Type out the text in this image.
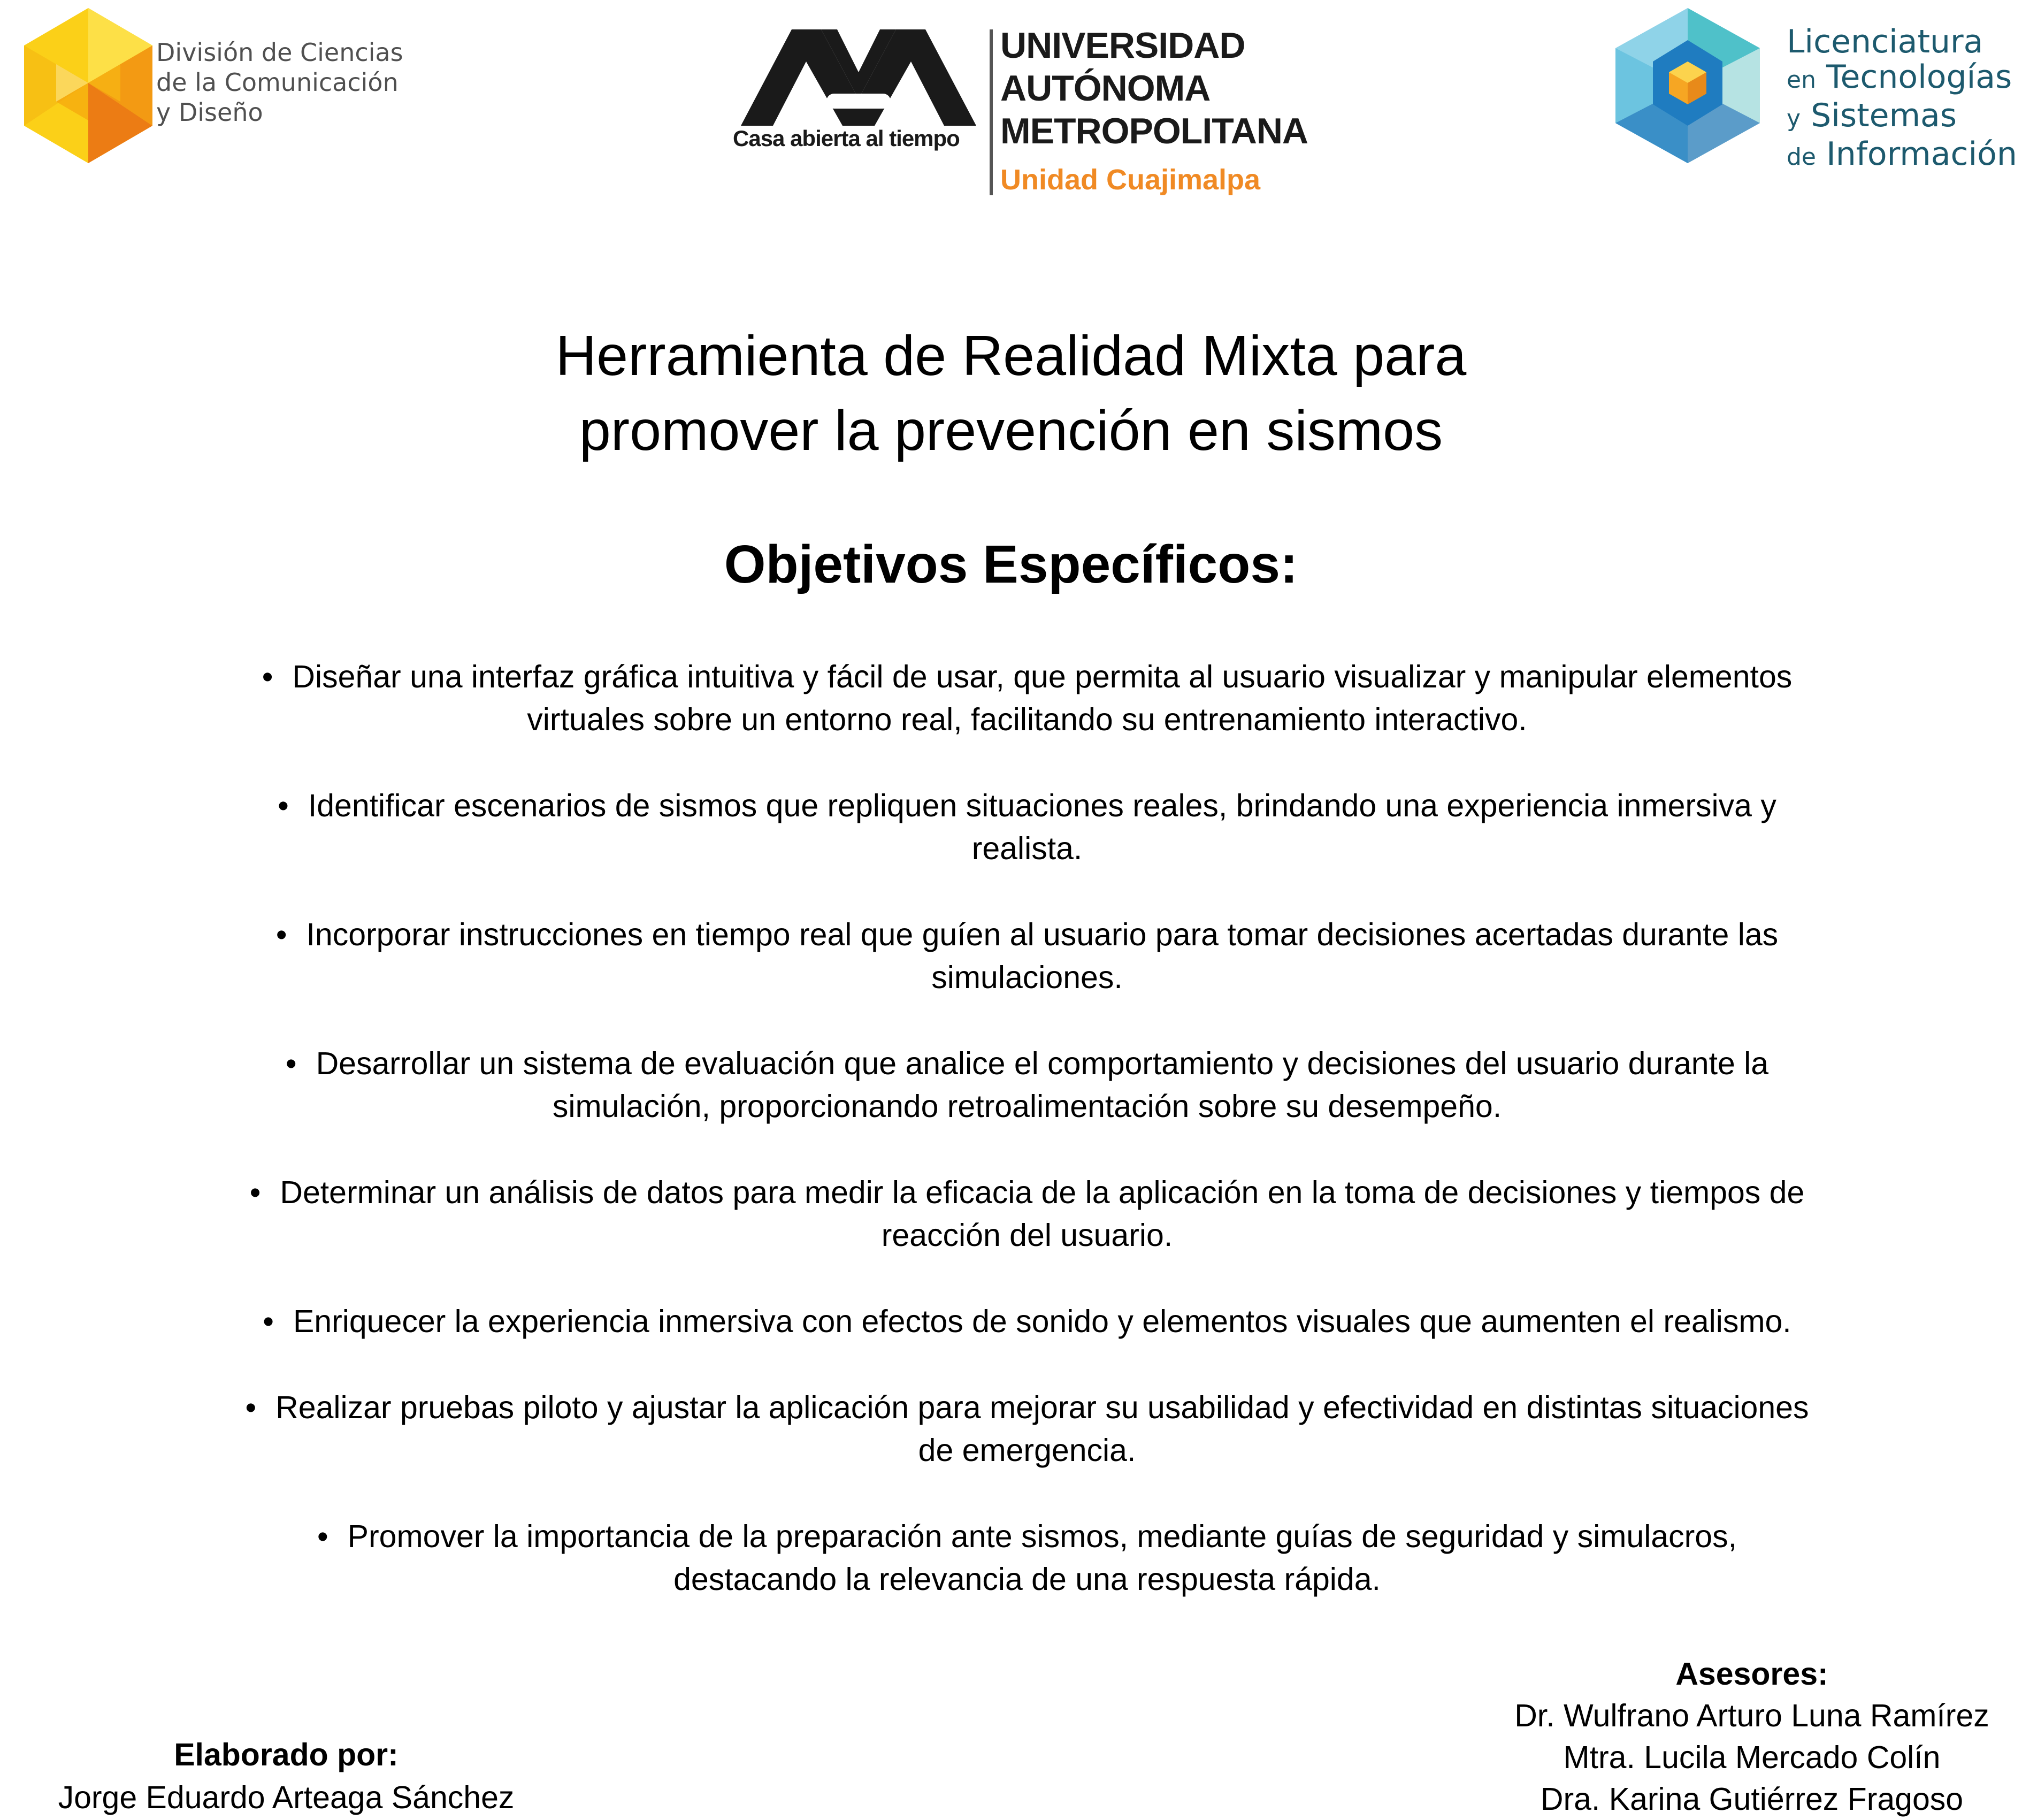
División de Ciencias
de la Comunicación
y Diseño
Casa abierta al tiempo
UNIVERSIDAD
AUTÓNOMA
METROPOLITANA
Unidad Cuajimalpa
Licenciatura
en Tecnologías
y Sistemas
de Información
Herramienta de Realidad Mixta para
promover la prevención en sismos
Objetivos Específicos:
• Diseñar una interfaz gráfica intuitiva y fácil de usar, que permita al usuario visualizar y manipular elementos
virtuales sobre un entorno real, facilitando su entrenamiento interactivo.
• Identificar escenarios de sismos que repliquen situaciones reales, brindando una experiencia inmersiva y
realista.
• Incorporar instrucciones en tiempo real que guíen al usuario para tomar decisiones acertadas durante las
simulaciones.
• Desarrollar un sistema de evaluación que analice el comportamiento y decisiones del usuario durante la
simulación, proporcionando retroalimentación sobre su desempeño.
• Determinar un análisis de datos para medir la eficacia de la aplicación en la toma de decisiones y tiempos de
reacción del usuario.
• Enriquecer la experiencia inmersiva con efectos de sonido y elementos visuales que aumenten el realismo.
• Realizar pruebas piloto y ajustar la aplicación para mejorar su usabilidad y efectividad en distintas situaciones
de emergencia.
• Promover la importancia de la preparación ante sismos, mediante guías de seguridad y simulacros,
destacando la relevancia de una respuesta rápida.
Elaborado por:
Jorge Eduardo Arteaga Sánchez
Asesores:
Dr. Wulfrano Arturo Luna Ramírez
Mtra. Lucila Mercado Colín
Dra. Karina Gutiérrez Fragoso
